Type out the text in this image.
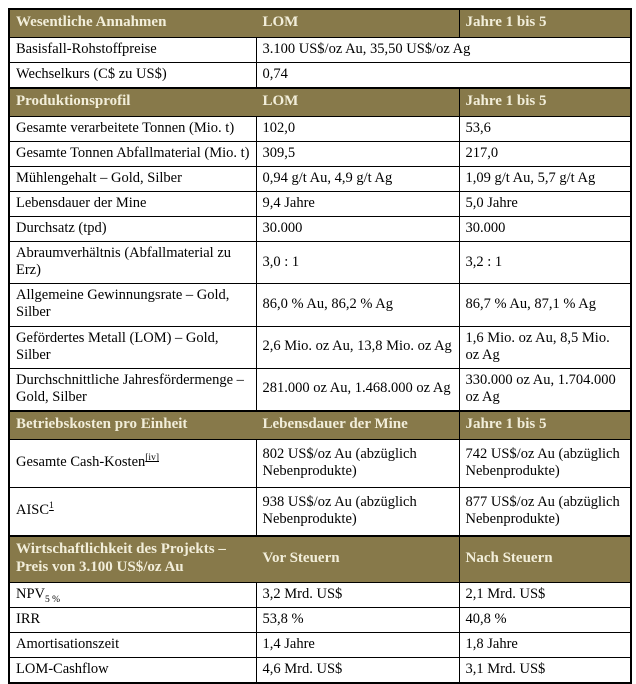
Wesentliche Annahmen	LOM	Jahre 1 bis 5
Basisfall-Rohstoffpreise	3.100 US$/oz Au, 35,50 US$/oz Ag	
Wechselkurs (C$ zu US$)	0,74	
Produktionsprofil	LOM	Jahre 1 bis 5
Gesamte verarbeitete Tonnen (Mio. t)	102,0	53,6
Gesamte Tonnen Abfallmaterial (Mio. t)	309,5	217,0
Mühlengehalt – Gold, Silber	0,94 g/t Au, 4,9 g/t Ag	1,09 g/t Au, 5,7 g/t Ag
Lebensdauer der Mine	9,4 Jahre	5,0 Jahre
Durchsatz (tpd)	30.000	30.000
Abraumverhältnis (Abfallmaterial zu Erz)	3,0 : 1	3,2 : 1
Allgemeine Gewinnungsrate – Gold, Silber	86,0 % Au, 86,2 % Ag	86,7 % Au, 87,1 % Ag
Gefördertes Metall (LOM) – Gold, Silber	2,6 Mio. oz Au, 13,8 Mio. oz Ag	1,6 Mio. oz Au, 8,5 Mio. oz Ag
Durchschnittliche Jahresfördermenge – Gold, Silber	281.000 oz Au, 1.468.000 oz Ag	330.000 oz Au, 1.704.000 oz Ag
Betriebskosten pro Einheit	Lebensdauer der Mine	Jahre 1 bis 5
Gesamte Cash-Kosten[iv]	802 US$/oz Au (abzüglich Nebenprodukte)	742 US$/oz Au (abzüglich Nebenprodukte)
AISC$^1$	938 US$/oz Au (abzüglich Nebenprodukte)	877 US$/oz Au (abzüglich Nebenprodukte)
Wirtschaftlichkeit des Projekts – Preis von 3.100 US$/oz Au	Vor Steuern	Nach Steuern
$NPV_{5 \%}$	3,2 Mrd. US$	2,1 Mrd. US$
IRR	53,8 %	40,8 %
Amortisationszeit	1,4 Jahre	1,8 Jahre
LOM-Cashflow	4,6 Mrd. US$	3,1 Mrd. US$
